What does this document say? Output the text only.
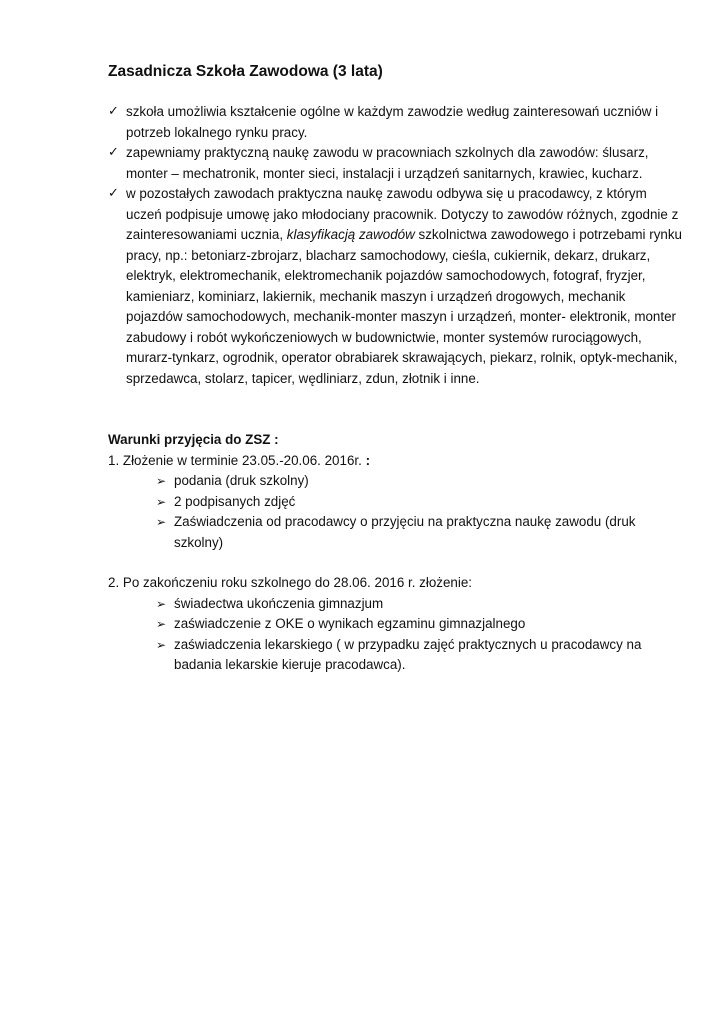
Zasadnicza Szkoła Zawodowa (3 lata)
✓ szkoła umożliwia kształcenie ogólne w każdym zawodzie według zainteresowań uczniów i potrzeb lokalnego rynku pracy.
✓ zapewniamy praktyczną naukę zawodu w pracowniach szkolnych dla zawodów: ślusarz, monter – mechatronik, monter sieci, instalacji i urządzeń sanitarnych, krawiec, kucharz.
✓ w pozostałych zawodach praktyczna naukę zawodu odbywa się u pracodawcy, z którym uczeń podpisuje umowę jako młodociany pracownik. Dotyczy to zawodów różnych, zgodnie z zainteresowaniami ucznia, klasyfikacją zawodów szkolnictwa zawodowego i potrzebami rynku pracy, np.: betoniarz-zbrojarz, blacharz samochodowy, cieśla, cukiernik, dekarz, drukarz, elektryk, elektromechanik, elektromechanik pojazdów samochodowych, fotograf, fryzjer, kamieniarz, kominiarz, lakiernik, mechanik maszyn i urządzeń drogowych, mechanik pojazdów samochodowych, mechanik-monter maszyn i urządzeń, monter- elektronik, monter zabudowy i robót wykończeniowych w budownictwie, monter systemów rurociągowych, murarz-tynkarz, ogrodnik, operator obrabiarek skrawających, piekarz, rolnik, optyk-mechanik, sprzedawca, stolarz, tapicer, wędliniarz, zdun, złotnik i inne.
Warunki przyjęcia do ZSZ :
1. Złożenie w terminie 23.05.-20.06. 2016r. :
➢ podania (druk szkolny)
➢ 2 podpisanych zdjęć
➢ Zaświadczenia od pracodawcy o przyjęciu na praktyczna naukę zawodu (druk szkolny)
2. Po zakończeniu roku szkolnego do 28.06. 2016 r. złożenie:
➢ świadectwa ukończenia gimnazjum
➢ zaświadczenie z OKE o wynikach egzaminu gimnazjalnego
➢ zaświadczenia lekarskiego ( w przypadku zajęć praktycznych u pracodawcy na badania lekarskie kieruje pracodawca).
